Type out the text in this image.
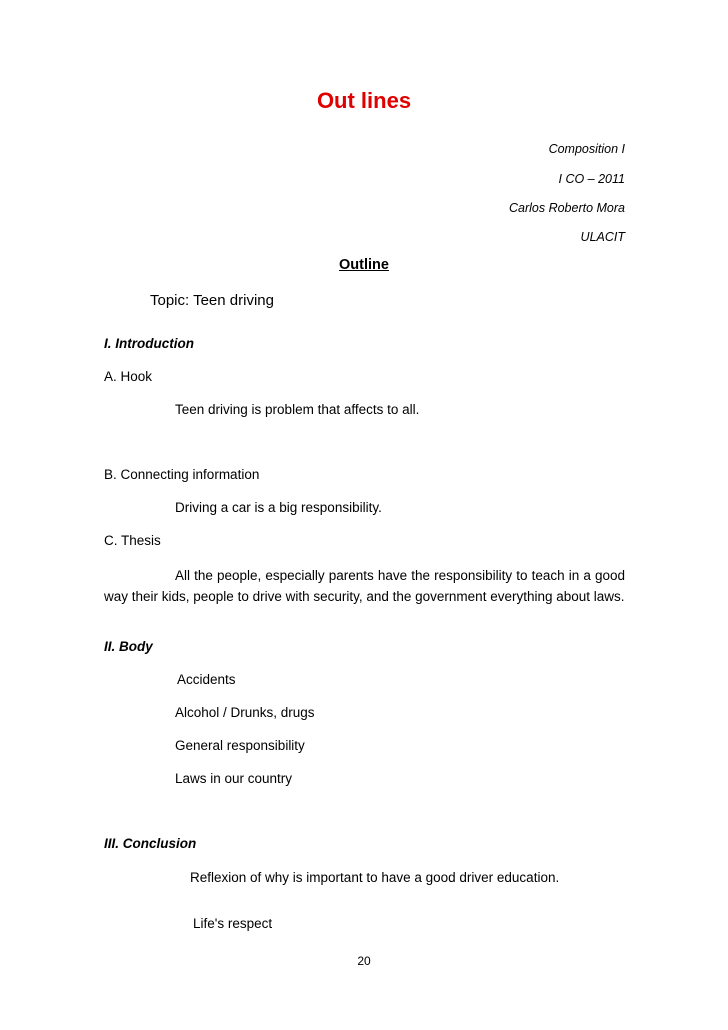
Out lines
Composition I
I CO – 2011
Carlos Roberto Mora
ULACIT
Outline
Topic: Teen driving
I. Introduction
A. Hook
Teen driving is problem that affects to all.
B. Connecting information
Driving a car is a big responsibility.
C. Thesis
All the people, especially parents have the responsibility to teach in a good way their kids, people to drive with security, and the government everything about laws.
II. Body
Accidents
Alcohol / Drunks, drugs
General responsibility
Laws in our country
III. Conclusion
Reflexion of why is important to have a good driver education.
Life's respect
20
